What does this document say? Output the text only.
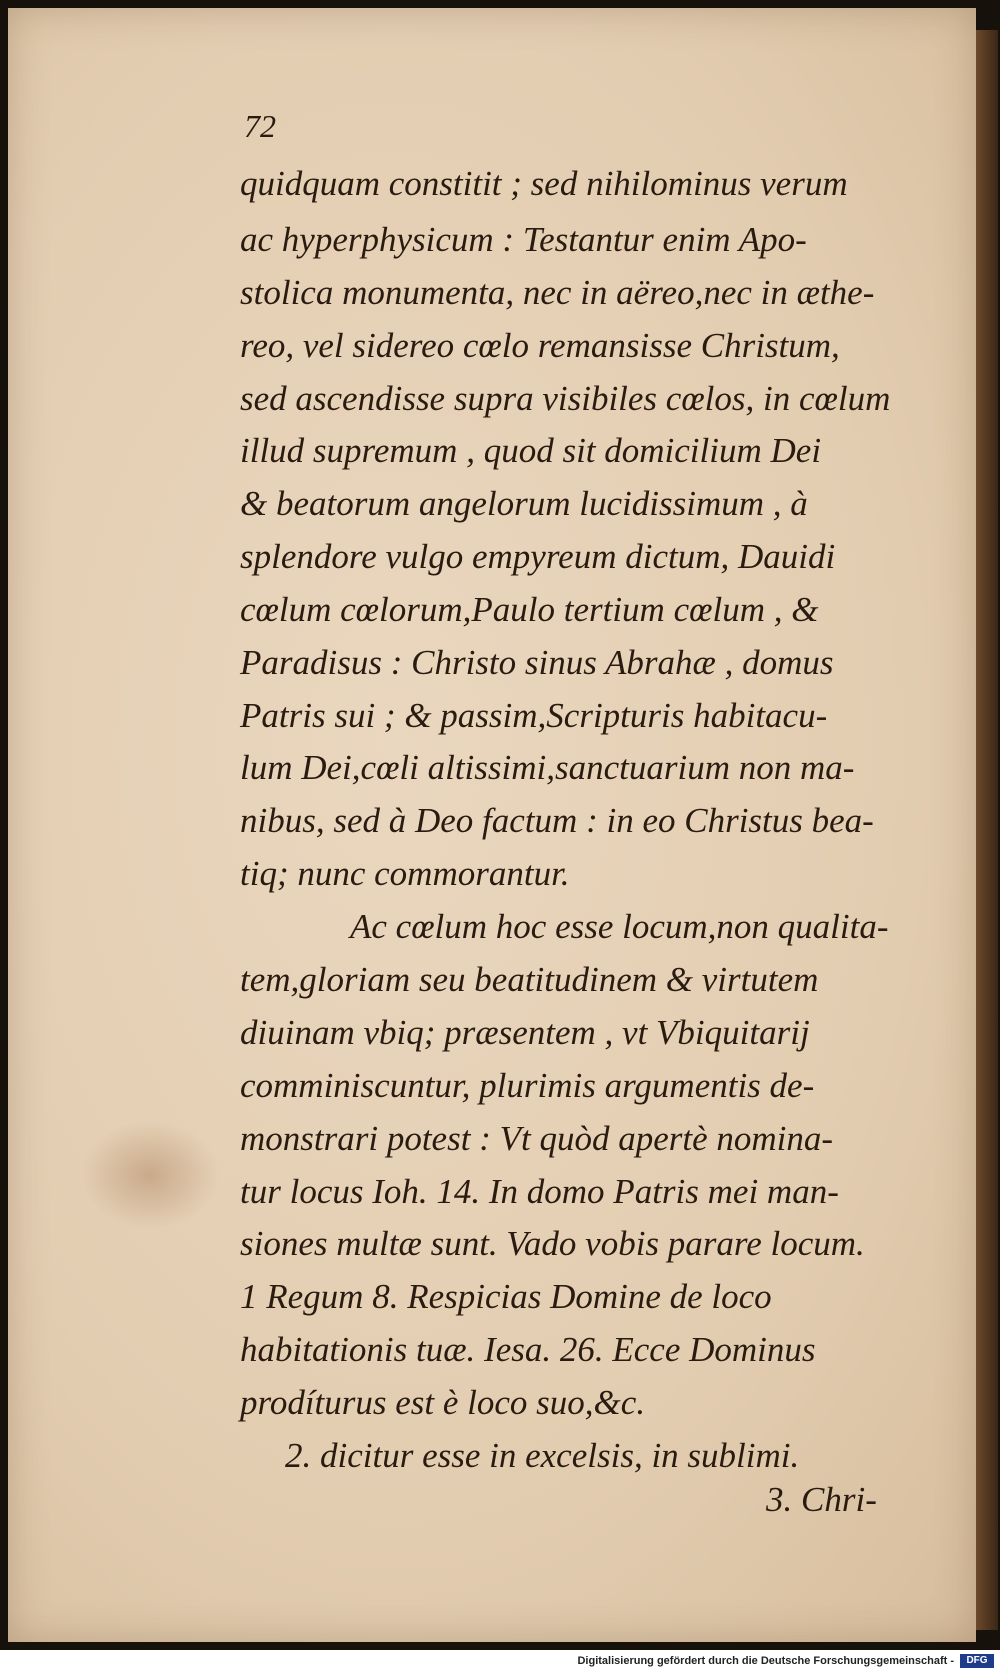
72
quidquam constitit ; sed nihilominus verum
ac hyperphysicum : Testantur enim Apo-
stolica monumenta, nec in aëreo,nec in æthe-
reo, vel sidereo cœlo remansisse Christum,
sed ascendisse supra visibiles cœlos, in cœlum
illud supremum , quod sit domicilium Dei
& beatorum angelorum lucidissimum , à
splendore vulgo empyreum dictum, Dauidi
cœlum cœlorum,Paulo tertium cœlum , &
Paradisus : Christo sinus Abrahæ , domus
Patris sui ; & passim,Scripturis habitacu-
lum Dei,cœli altissimi,sanctuarium non ma-
nibus, sed à Deo factum : in eo Christus bea-
tiq; nunc commorantur.
Ac cœlum hoc esse locum,non qualita-
tem,gloriam seu beatitudinem & virtutem
diuinam vbiq; præsentem , vt Vbiquitarij
comminiscuntur, plurimis argumentis de-
monstrari potest : Vt quòd apertè nomina-
tur locus Ioh. 14. In domo Patris mei man-
siones multæ sunt. Vado vobis parare locum.
1 Regum 8. Respicias Domine de loco
habitationis tuæ. Iesa. 26. Ecce Dominus
prodíturus est è loco suo,&c.
2. dicitur esse in excelsis, in sublimi.
3. Chri-
Digitalisierung gefördert durch die Deutsche Forschungsgemeinschaft -	DFG
